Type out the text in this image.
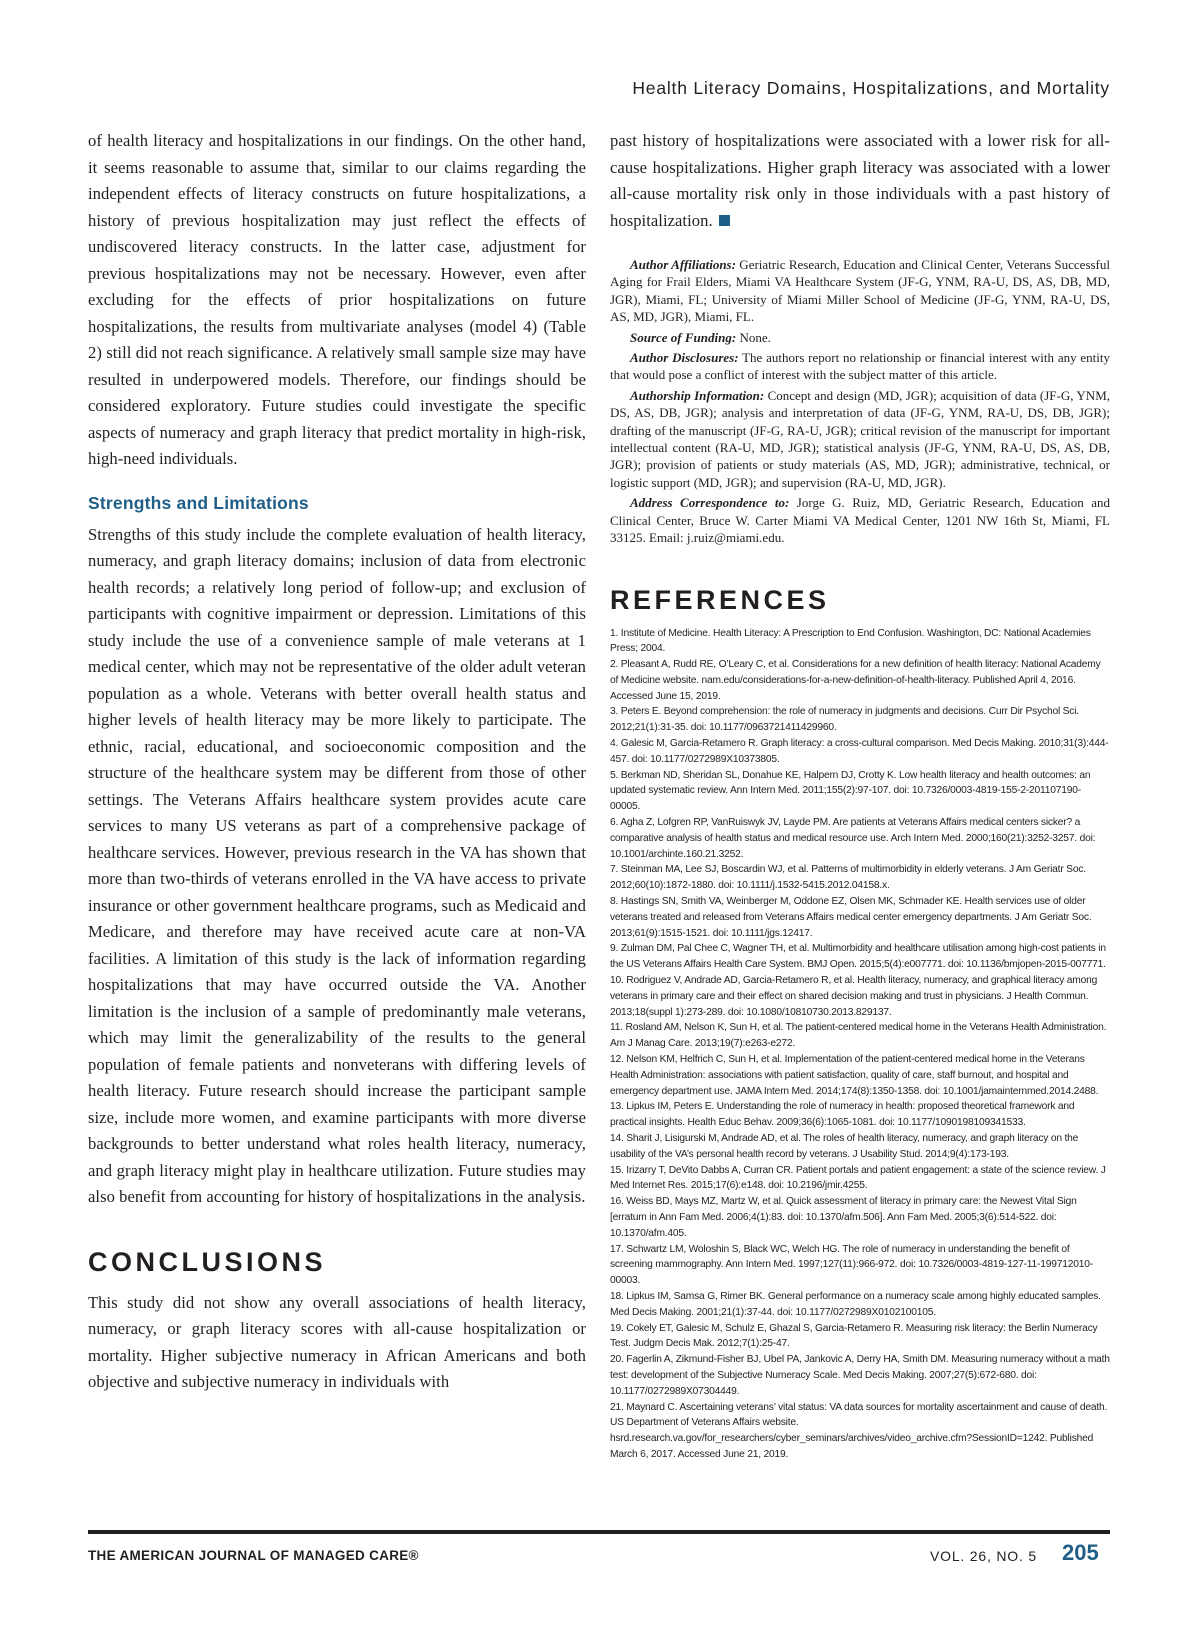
Health Literacy Domains, Hospitalizations, and Mortality

of health literacy and hospitalizations in our findings. On the other hand, it seems reasonable to assume that, similar to our claims regarding the independent effects of literacy constructs on future hospitalizations, a history of previous hospitalization may just reflect the effects of undiscovered literacy constructs. In the latter case, adjustment for previous hospitalizations may not be necessary. However, even after excluding for the effects of prior hospitalizations on future hospitalizations, the results from multivariate analyses (model 4) (Table 2) still did not reach significance. A relatively small sample size may have resulted in underpowered models. Therefore, our findings should be considered exploratory. Future studies could investigate the specific aspects of numeracy and graph literacy that predict mortality in high-risk, high-need individuals.

Strengths and Limitations

Strengths of this study include the complete evaluation of health literacy, numeracy, and graph literacy domains; inclusion of data from electronic health records; a relatively long period of follow-up; and exclusion of participants with cognitive impairment or depression. Limitations of this study include the use of a convenience sample of male veterans at 1 medical center, which may not be representative of the older adult veteran population as a whole. Veterans with better overall health status and higher levels of health literacy may be more likely to participate. The ethnic, racial, educational, and socioeconomic composition and the structure of the healthcare system may be different from those of other settings. The Veterans Affairs healthcare system provides acute care services to many US veterans as part of a comprehensive package of healthcare services. However, previous research in the VA has shown that more than two-thirds of veterans enrolled in the VA have access to private insurance or other government healthcare programs, such as Medicaid and Medicare, and therefore may have received acute care at non-VA facilities. A limitation of this study is the lack of information regarding hospitalizations that may have occurred outside the VA. Another limitation is the inclusion of a sample of predominantly male veterans, which may limit the generalizability of the results to the general population of female patients and nonveterans with differing levels of health literacy. Future research should increase the participant sample size, include more women, and examine participants with more diverse backgrounds to better understand what roles health literacy, numeracy, and graph literacy might play in healthcare utilization. Future studies may also benefit from accounting for history of hospitalizations in the analysis.

CONCLUSIONS

This study did not show any overall associations of health literacy, numeracy, or graph literacy scores with all-cause hospitalization or mortality. Higher subjective numeracy in African Americans and both objective and subjective numeracy in individuals with

past history of hospitalizations were associated with a lower risk for all-cause hospitalizations. Higher graph literacy was associated with a lower all-cause mortality risk only in those individuals with a past history of hospitalization.

Author Affiliations: Geriatric Research, Education and Clinical Center, Veterans Successful Aging for Frail Elders, Miami VA Healthcare System (JF-G, YNM, RA-U, DS, AS, DB, MD, JGR), Miami, FL; University of Miami Miller School of Medicine (JF-G, YNM, RA-U, DS, AS, MD, JGR), Miami, FL.

Source of Funding: None.

Author Disclosures: The authors report no relationship or financial interest with any entity that would pose a conflict of interest with the subject matter of this article.

Authorship Information: Concept and design (MD, JGR); acquisition of data (JF-G, YNM, DS, AS, DB, JGR); analysis and interpretation of data (JF-G, YNM, RA-U, DS, DB, JGR); drafting of the manuscript (JF-G, RA-U, JGR); critical revision of the manuscript for important intellectual content (RA-U, MD, JGR); statistical analysis (JF-G, YNM, RA-U, DS, AS, DB, JGR); provision of patients or study materials (AS, MD, JGR); administrative, technical, or logistic support (MD, JGR); and supervision (RA-U, MD, JGR).

Address Correspondence to: Jorge G. Ruiz, MD, Geriatric Research, Education and Clinical Center, Bruce W. Carter Miami VA Medical Center, 1201 NW 16th St, Miami, FL 33125. Email: j.ruiz@miami.edu.

REFERENCES

1. Institute of Medicine. Health Literacy: A Prescription to End Confusion. Washington, DC: National Academies Press; 2004.

2. Pleasant A, Rudd RE, O’Leary C, et al. Considerations for a new definition of health literacy: National Academy of Medicine website. nam.edu/considerations-for-a-new-definition-of-health-literacy. Published April 4, 2016. Accessed June 15, 2019.

3. Peters E. Beyond comprehension: the role of numeracy in judgments and decisions. Curr Dir Psychol Sci. 2012;21(1):31-35. doi: 10.1177/0963721411429960.

4. Galesic M, Garcia-Retamero R. Graph literacy: a cross-cultural comparison. Med Decis Making. 2010;31(3):444-457. doi: 10.1177/0272989X10373805.

5. Berkman ND, Sheridan SL, Donahue KE, Halpern DJ, Crotty K. Low health literacy and health outcomes: an updated systematic review. Ann Intern Med. 2011;155(2):97-107. doi: 10.7326/0003-4819-155-2-201107190-00005.

6. Agha Z, Lofgren RP, VanRuiswyk JV, Layde PM. Are patients at Veterans Affairs medical centers sicker? a comparative analysis of health status and medical resource use. Arch Intern Med. 2000;160(21):3252-3257. doi: 10.1001/archinte.160.21.3252.

7. Steinman MA, Lee SJ, Boscardin WJ, et al. Patterns of multimorbidity in elderly veterans. J Am Geriatr Soc. 2012;60(10):1872-1880. doi: 10.1111/j.1532-5415.2012.04158.x.

8. Hastings SN, Smith VA, Weinberger M, Oddone EZ, Olsen MK, Schmader KE. Health services use of older veterans treated and released from Veterans Affairs medical center emergency departments. J Am Geriatr Soc. 2013;61(9):1515-1521. doi: 10.1111/jgs.12417.

9. Zulman DM, Pal Chee C, Wagner TH, et al. Multimorbidity and healthcare utilisation among high-cost patients in the US Veterans Affairs Health Care System. BMJ Open. 2015;5(4):e007771. doi: 10.1136/bmjopen-2015-007771.

10. Rodriguez V, Andrade AD, Garcia-Retamero R, et al. Health literacy, numeracy, and graphical literacy among veterans in primary care and their effect on shared decision making and trust in physicians. J Health Commun. 2013;18(suppl 1):273-289. doi: 10.1080/10810730.2013.829137.

11. Rosland AM, Nelson K, Sun H, et al. The patient-centered medical home in the Veterans Health Administration. Am J Manag Care. 2013;19(7):e263-e272.

12. Nelson KM, Helfrich C, Sun H, et al. Implementation of the patient-centered medical home in the Veterans Health Administration: associations with patient satisfaction, quality of care, staff burnout, and hospital and emergency department use. JAMA Intern Med. 2014;174(8):1350-1358. doi: 10.1001/jamainternmed.2014.2488.

13. Lipkus IM, Peters E. Understanding the role of numeracy in health: proposed theoretical framework and practical insights. Health Educ Behav. 2009;36(6):1065-1081. doi: 10.1177/1090198109341533.

14. Sharit J, Lisigurski M, Andrade AD, et al. The roles of health literacy, numeracy, and graph literacy on the usability of the VA’s personal health record by veterans. J Usability Stud. 2014;9(4):173-193.

15. Irizarry T, DeVito Dabbs A, Curran CR. Patient portals and patient engagement: a state of the science review. J Med Internet Res. 2015;17(6):e148. doi: 10.2196/jmir.4255.

16. Weiss BD, Mays MZ, Martz W, et al. Quick assessment of literacy in primary care: the Newest Vital Sign [erratum in Ann Fam Med. 2006;4(1):83. doi: 10.1370/afm.506]. Ann Fam Med. 2005;3(6):514-522. doi: 10.1370/afm.405.

17. Schwartz LM, Woloshin S, Black WC, Welch HG. The role of numeracy in understanding the benefit of screening mammography. Ann Intern Med. 1997;127(11):966-972. doi: 10.7326/0003-4819-127-11-199712010-00003.

18. Lipkus IM, Samsa G, Rimer BK. General performance on a numeracy scale among highly educated samples. Med Decis Making. 2001;21(1):37-44. doi: 10.1177/0272989X0102100105.

19. Cokely ET, Galesic M, Schulz E, Ghazal S, Garcia-Retamero R. Measuring risk literacy: the Berlin Numeracy Test. Judgm Decis Mak. 2012;7(1):25-47.

20. Fagerlin A, Zikmund-Fisher BJ, Ubel PA, Jankovic A, Derry HA, Smith DM. Measuring numeracy without a math test: development of the Subjective Numeracy Scale. Med Decis Making. 2007;27(5):672-680. doi: 10.1177/0272989X07304449.

21. Maynard C. Ascertaining veterans’ vital status: VA data sources for mortality ascertainment and cause of death. US Department of Veterans Affairs website. hsrd.research.va.gov/for_researchers/cyber_seminars/archives/video_archive.cfm?SessionID=1242. Published March 6, 2017. Accessed June 21, 2019.

THE AMERICAN JOURNAL OF MANAGED CARE®	VOL. 26, NO. 5 205
